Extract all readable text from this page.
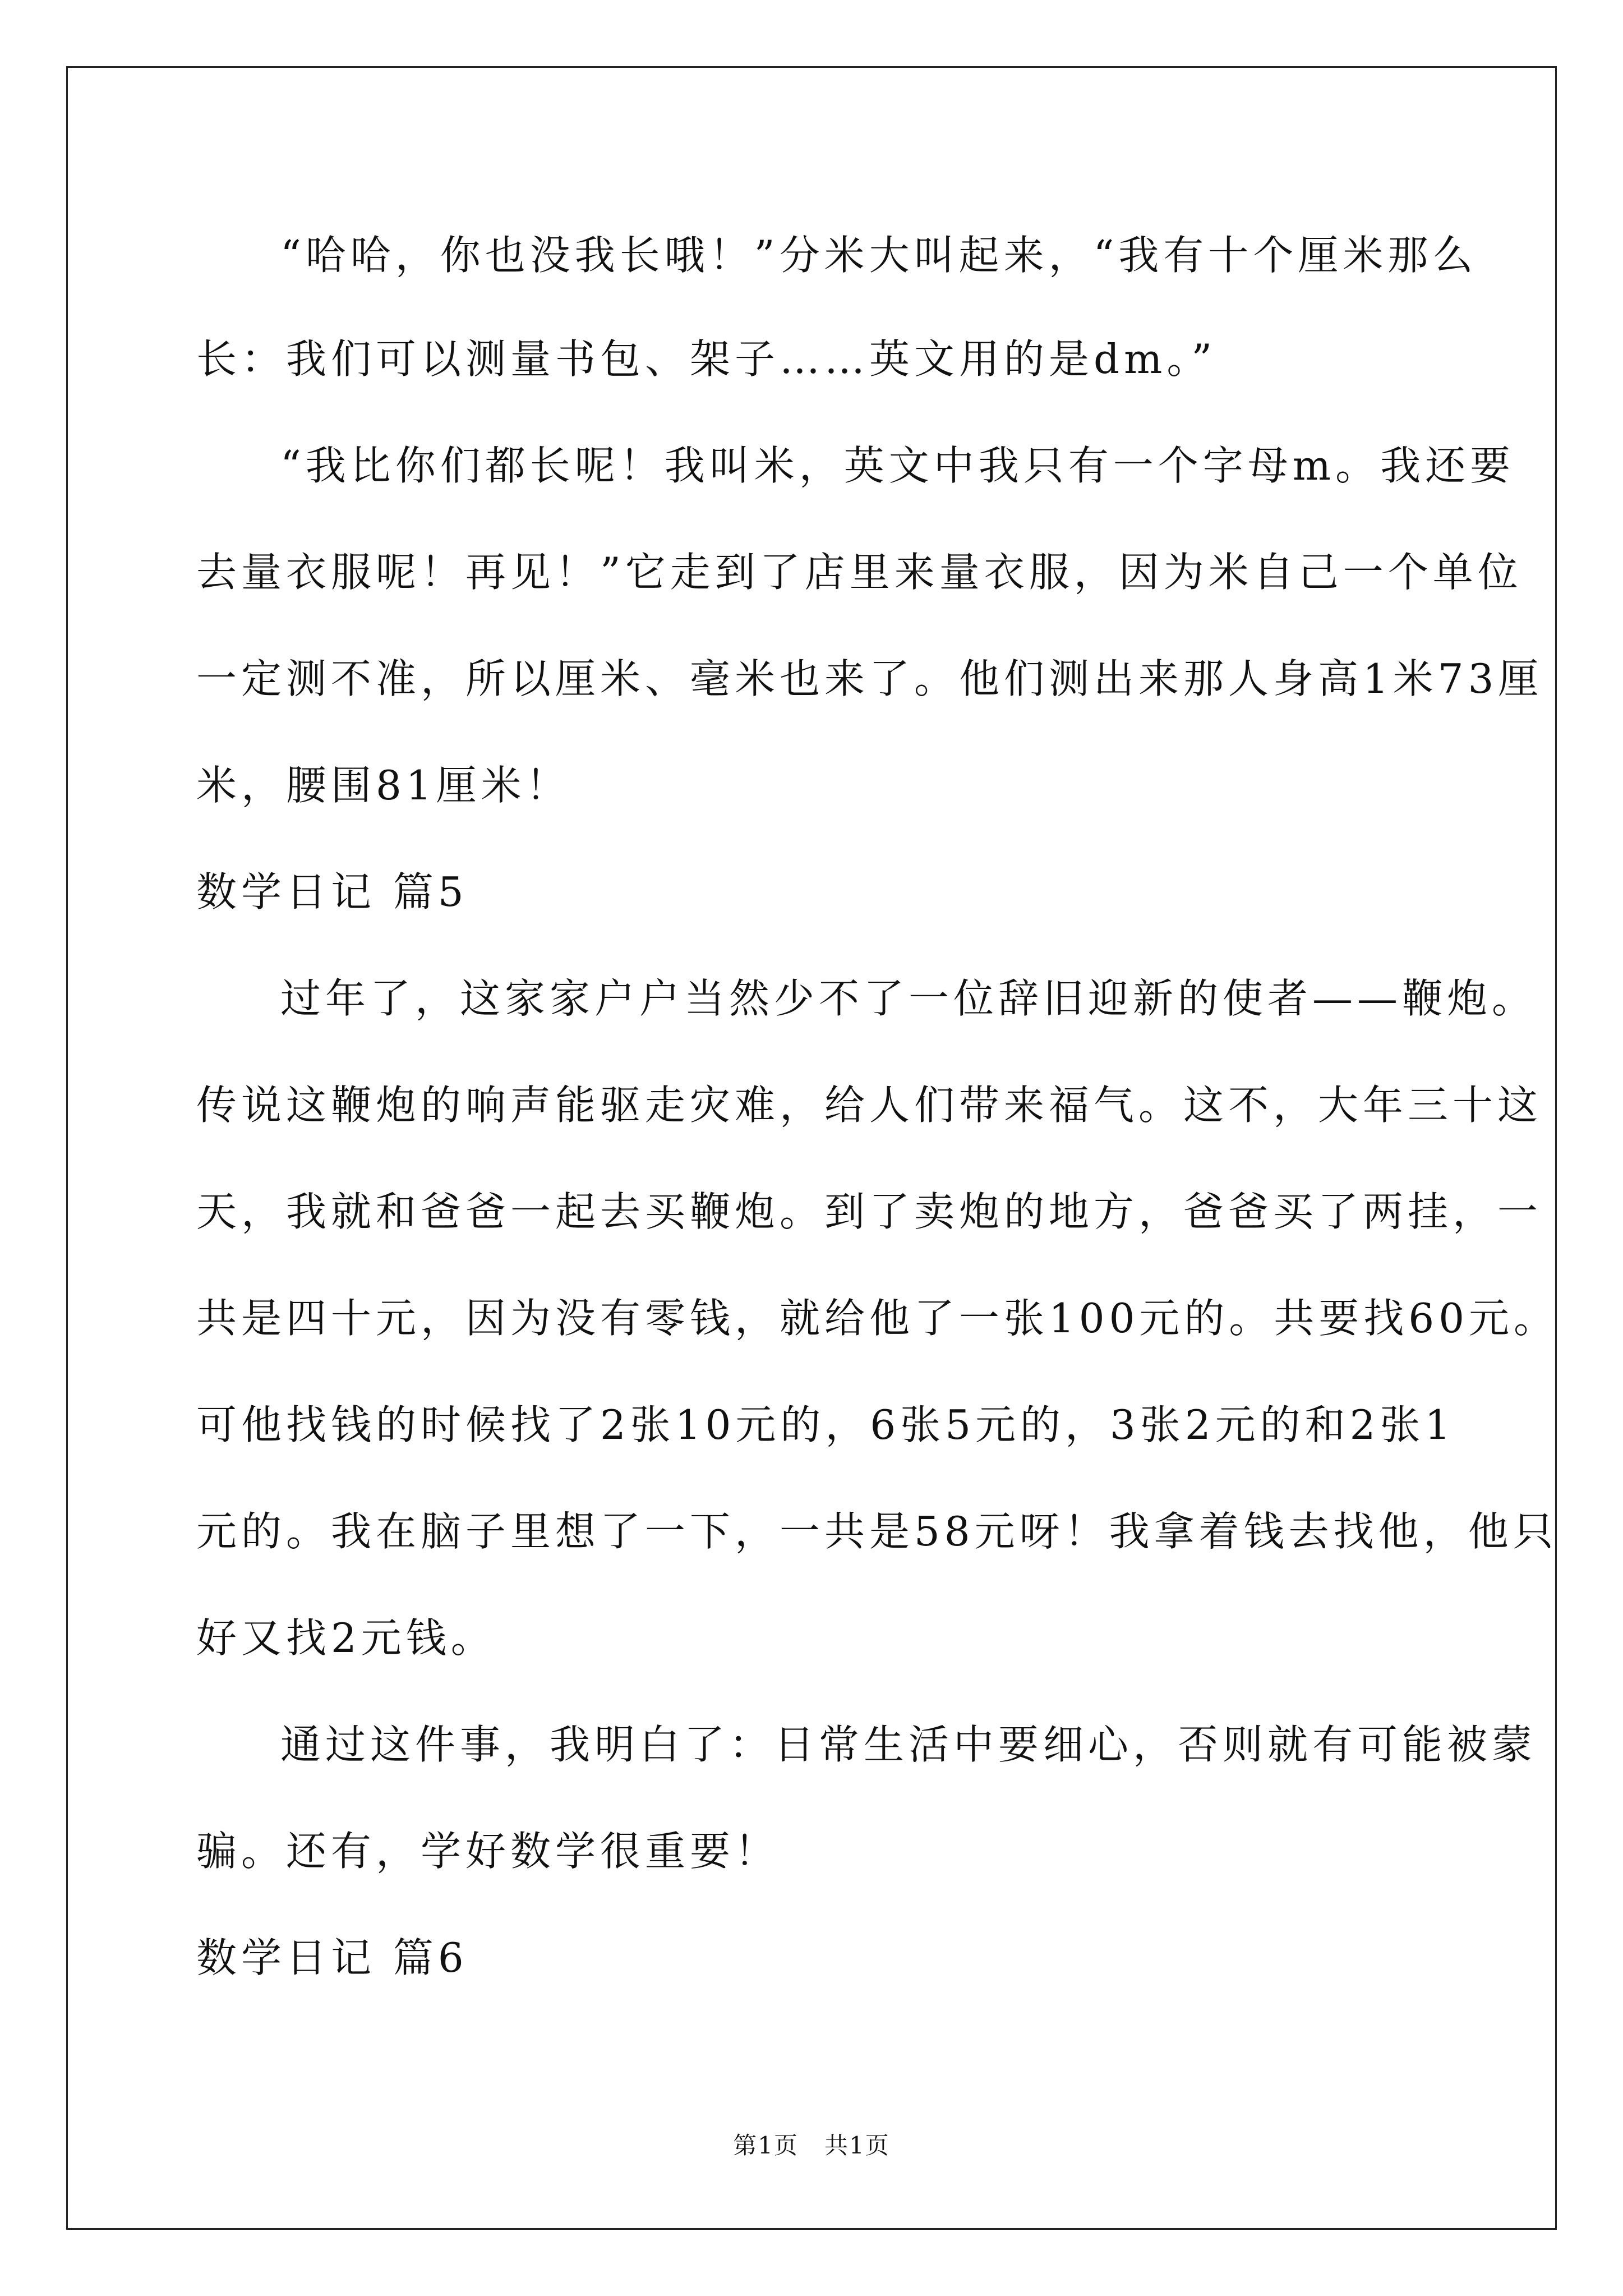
“哈哈，你也没我长哦！”分米大叫起来，“我有十个厘米那么
长：我们可以测量书包、架子……英文用的是dm。”
“我比你们都长呢！我叫米，英文中我只有一个字母m。我还要
去量衣服呢！再见！”它走到了店里来量衣服，因为米自己一个单位
一定测不准，所以厘米、毫米也来了。他们测出来那人身高1米73厘
米，腰围81厘米！
数学日记 篇5
过年了，这家家户户当然少不了一位辞旧迎新的使者——鞭炮。
传说这鞭炮的响声能驱走灾难，给人们带来福气。这不，大年三十这
天，我就和爸爸一起去买鞭炮。到了卖炮的地方，爸爸买了两挂，一
共是四十元，因为没有零钱，就给他了一张100元的。共要找60元。
可他找钱的时候找了2张10元的，6张5元的，3张2元的和2张1
元的。我在脑子里想了一下，一共是58元呀！我拿着钱去找他，他只
好又找2元钱。
通过这件事，我明白了：日常生活中要细心，否则就有可能被蒙
骗。还有，学好数学很重要！
数学日记 篇6
第1页   共1页
